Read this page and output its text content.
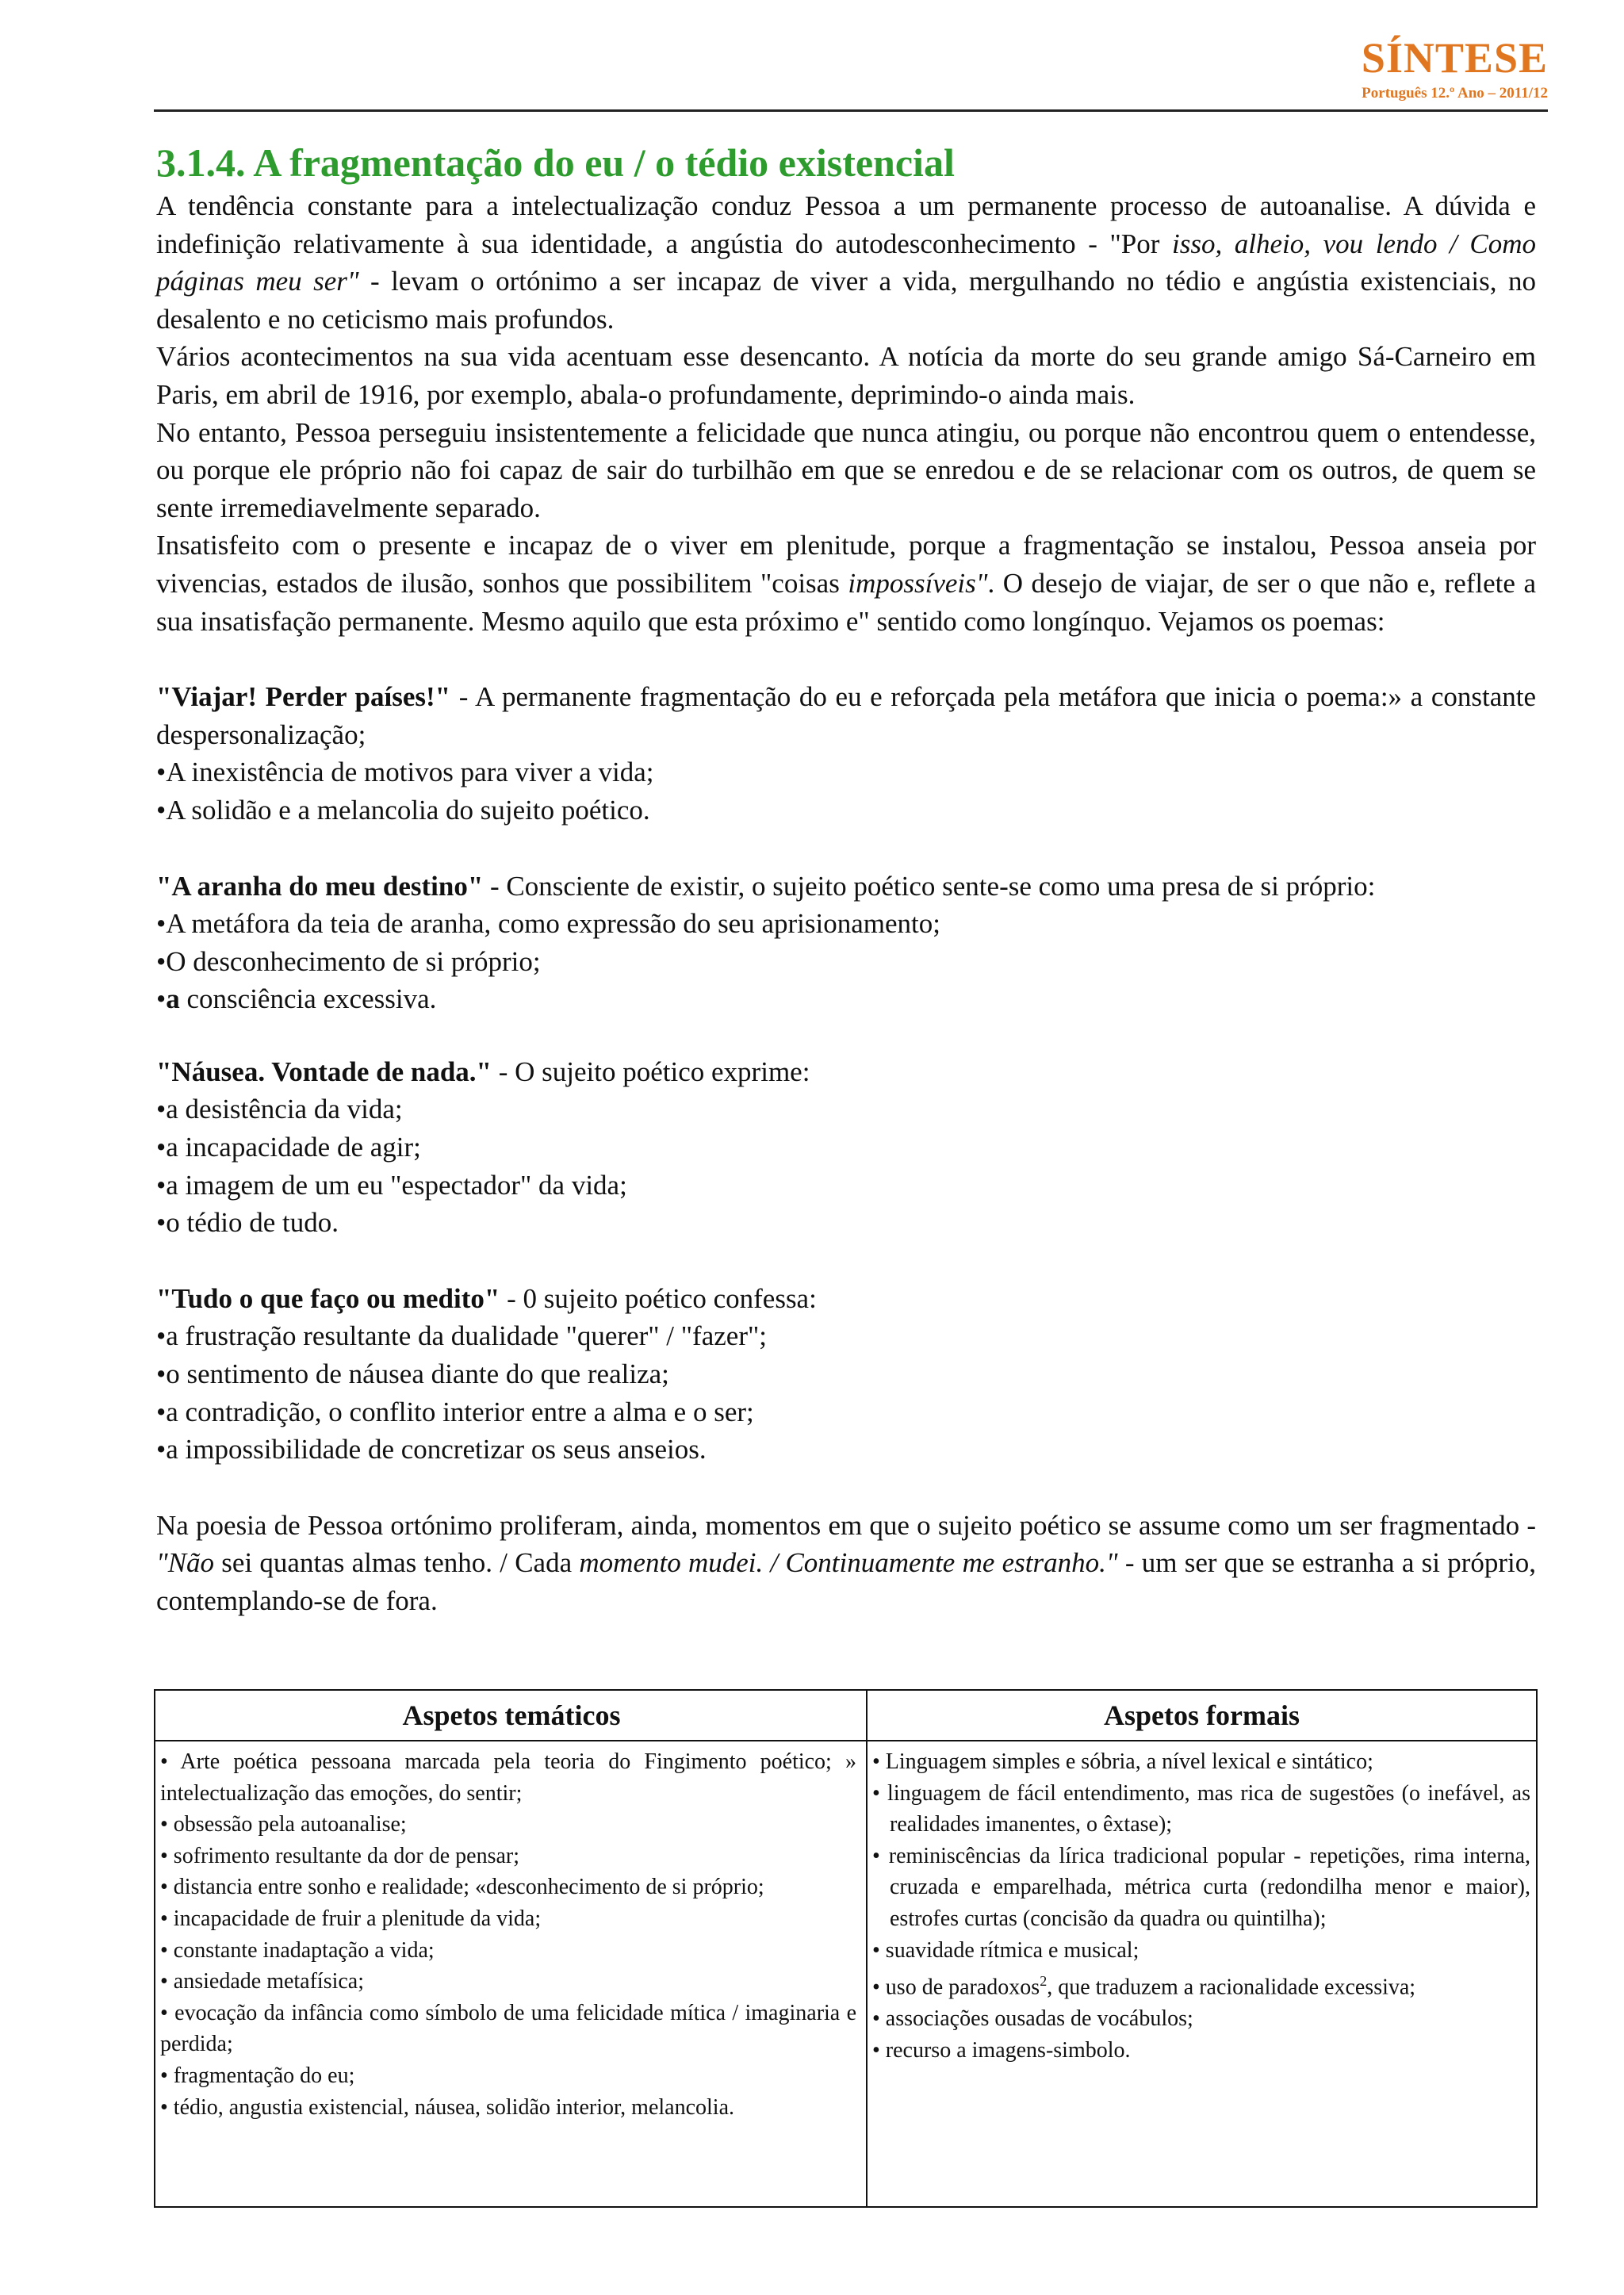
SÍNTESE
Português 12.º Ano – 2011/12
3.1.4. A fragmentação do eu / o tédio existencial

A tendência constante para a intelectualização conduz Pessoa a um permanente processo de autoanalise. A dúvida e indefinição relativamente à sua identidade, a angústia do autodesconhecimento - "Por isso, alheio, vou lendo / Como páginas meu ser" - levam o ortónimo a ser incapaz de viver a vida, mergulhando no tédio e angústia existenciais, no desalento e no ceticismo mais profundos.

Vários acontecimentos na sua vida acentuam esse desencanto. A notícia da morte do seu grande amigo Sá-Carneiro em Paris, em abril de 1916, por exemplo, abala-o profundamente, deprimindo-o ainda mais.

No entanto, Pessoa perseguiu insistentemente a felicidade que nunca atingiu, ou porque não encontrou quem o entendesse, ou porque ele próprio não foi capaz de sair do turbilhão em que se enredou e de se relacionar com os outros, de quem se sente irremediavelmente separado.

Insatisfeito com o presente e incapaz de o viver em plenitude, porque a fragmentação se instalou, Pessoa anseia por vivencias, estados de ilusão, sonhos que possibilitem "coisas impossíveis". O desejo de viajar, de ser o que não e, reflete a sua insatisfação permanente. Mesmo aquilo que esta próximo e" sentido como longínquo. Vejamos os poemas:

"Viajar! Perder países!" - A permanente fragmentação do eu e reforçada pela metáfora que inicia o poema:» a constante despersonalização;

•A inexistência de motivos para viver a vida;

•A solidão e a melancolia do sujeito poético.

"A aranha do meu destino" - Consciente de existir, o sujeito poético sente-se como uma presa de si próprio:

•A metáfora da teia de aranha, como expressão do seu aprisionamento;

•O desconhecimento de si próprio;

•a consciência excessiva.

"Náusea. Vontade de nada." - O sujeito poético exprime:

•a desistência da vida;

•a incapacidade de agir;

•a imagem de um eu "espectador" da vida;

•o tédio de tudo.

"Tudo o que faço ou medito" - 0 sujeito poético confessa:

•a frustração resultante da dualidade "querer" / "fazer";

•o sentimento de náusea diante do que realiza;

•a contradição, o conflito interior entre a alma e o ser;

•a impossibilidade de concretizar os seus anseios.

Na poesia de Pessoa ortónimo proliferam, ainda, momentos em que o sujeito poético se assume como um ser fragmentado - "Não sei quantas almas tenho. / Cada momento mudei. / Continuamente me estranho." - um ser que se estranha a si próprio, contemplando-se de fora.

Aspetos temáticos	Aspetos formais

• Arte poética pessoana marcada pela teoria do Fingimento poético; » intelectualização das emoções, do sentir;

• obsessão pela autoanalise;

• sofrimento resultante da dor de pensar;

• distancia entre sonho e realidade; «desconhecimento de si próprio;

• incapacidade de fruir a plenitude da vida;

• constante inadaptação a vida;

• ansiedade metafísica;

• evocação da infância como símbolo de uma felicidade mítica / imaginaria e perdida;

• fragmentação do eu;

• tédio, angustia existencial, náusea, solidão interior, melancolia.

• Linguagem simples e sóbria, a nível lexical e sintático;

• linguagem de fácil entendimento, mas rica de sugestões (o inefável, as realidades imanentes, o êxtase);

• reminiscências da lírica tradicional popular - repetições, rima interna, cruzada e emparelhada, métrica curta (redondilha menor e maior), estrofes curtas (concisão da quadra ou quintilha);

• suavidade rítmica e musical;

• uso de paradoxos$^2$, que traduzem a racionalidade excessiva;

• associações ousadas de vocábulos;

• recurso a imagens-simbolo.
